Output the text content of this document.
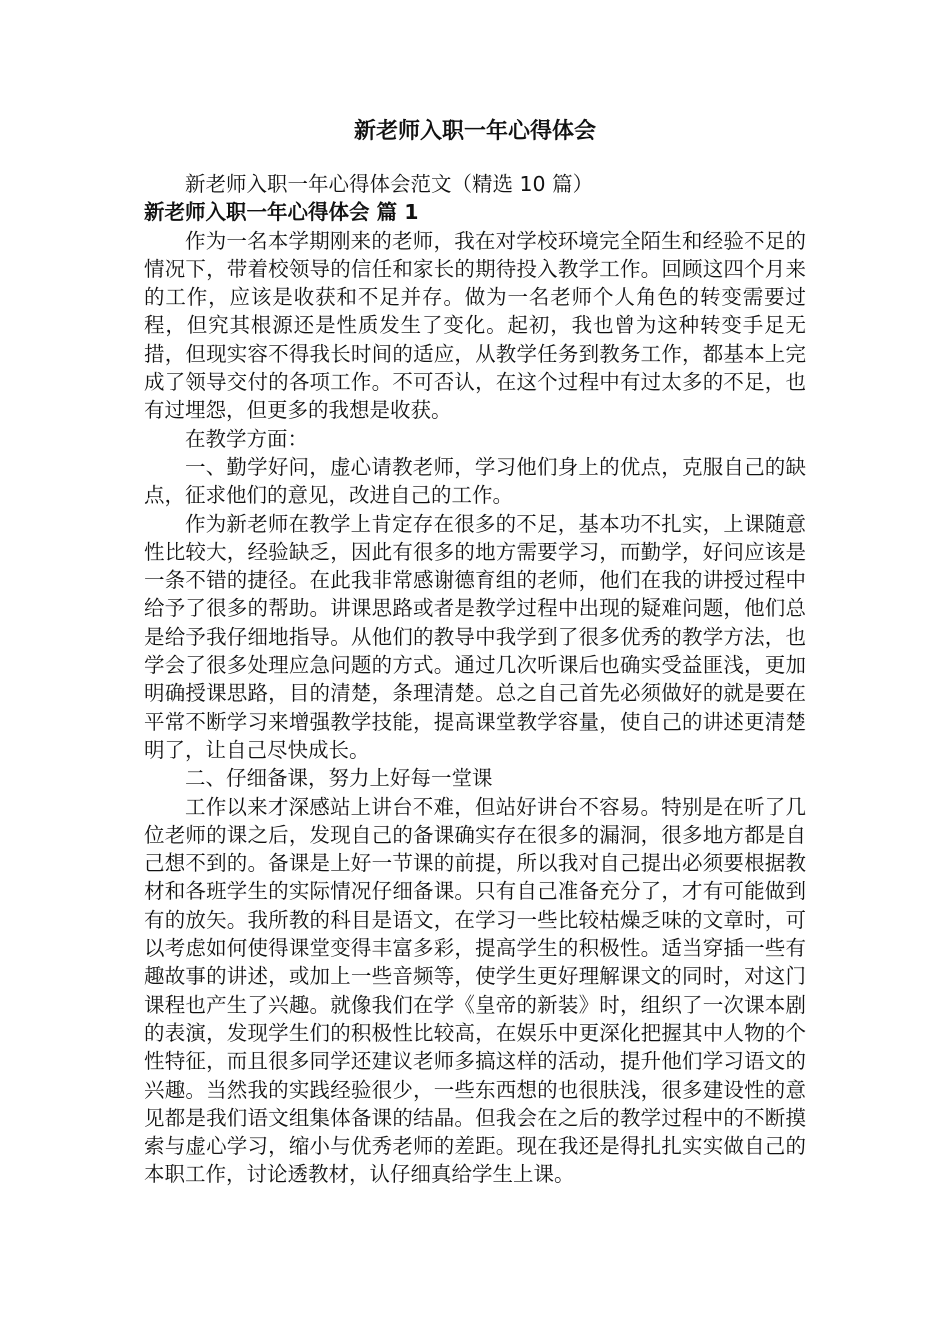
新老师入职一年心得体会

新老师入职一年心得体会范文（精选 10 篇）

新老师入职一年心得体会 篇 1

作为一名本学期刚来的老师，我在对学校环境完全陌生和经验不足的情况下，带着校领导的信任和家长的期待投入教学工作。回顾这四个月来的工作，应该是收获和不足并存。做为一名老师个人角色的转变需要过程，但究其根源还是性质发生了变化。起初，我也曾为这种转变手足无措，但现实容不得我长时间的适应，从教学任务到教务工作，都基本上完成了领导交付的各项工作。不可否认，在这个过程中有过太多的不足，也有过埋怨，但更多的我想是收获。

在教学方面：

一、勤学好问，虚心请教老师，学习他们身上的优点，克服自己的缺点，征求他们的意见，改进自己的工作。

作为新老师在教学上肯定存在很多的不足，基本功不扎实，上课随意性比较大，经验缺乏，因此有很多的地方需要学习，而勤学，好问应该是一条不错的捷径。在此我非常感谢德育组的老师，他们在我的讲授过程中给予了很多的帮助。讲课思路或者是教学过程中出现的疑难问题，他们总是给予我仔细地指导。从他们的教导中我学到了很多优秀的教学方法，也学会了很多处理应急问题的方式。通过几次听课后也确实受益匪浅，更加明确授课思路，目的清楚，条理清楚。总之自己首先必须做好的就是要在平常不断学习来增强教学技能，提高课堂教学容量，使自己的讲述更清楚明了，让自己尽快成长。

二、仔细备课，努力上好每一堂课

工作以来才深感站上讲台不难，但站好讲台不容易。特别是在听了几位老师的课之后，发现自己的备课确实存在很多的漏洞，很多地方都是自己想不到的。备课是上好一节课的前提，所以我对自己提出必须要根据教材和各班学生的实际情况仔细备课。只有自己准备充分了，才有可能做到有的放矢。我所教的科目是语文，在学习一些比较枯燥乏味的文章时，可以考虑如何使得课堂变得丰富多彩，提高学生的积极性。适当穿插一些有趣故事的讲述，或加上一些音频等，使学生更好理解课文的同时，对这门课程也产生了兴趣。就像我们在学《皇帝的新装》时，组织了一次课本剧的表演，发现学生们的积极性比较高，在娱乐中更深化把握其中人物的个性特征，而且很多同学还建议老师多搞这样的活动，提升他们学习语文的兴趣。当然我的实践经验很少，一些东西想的也很肤浅，很多建设性的意见都是我们语文组集体备课的结晶。但我会在之后的教学过程中的不断摸索与虚心学习，缩小与优秀老师的差距。现在我还是得扎扎实实做自己的本职工作，讨论透教材，认仔细真给学生上课。
